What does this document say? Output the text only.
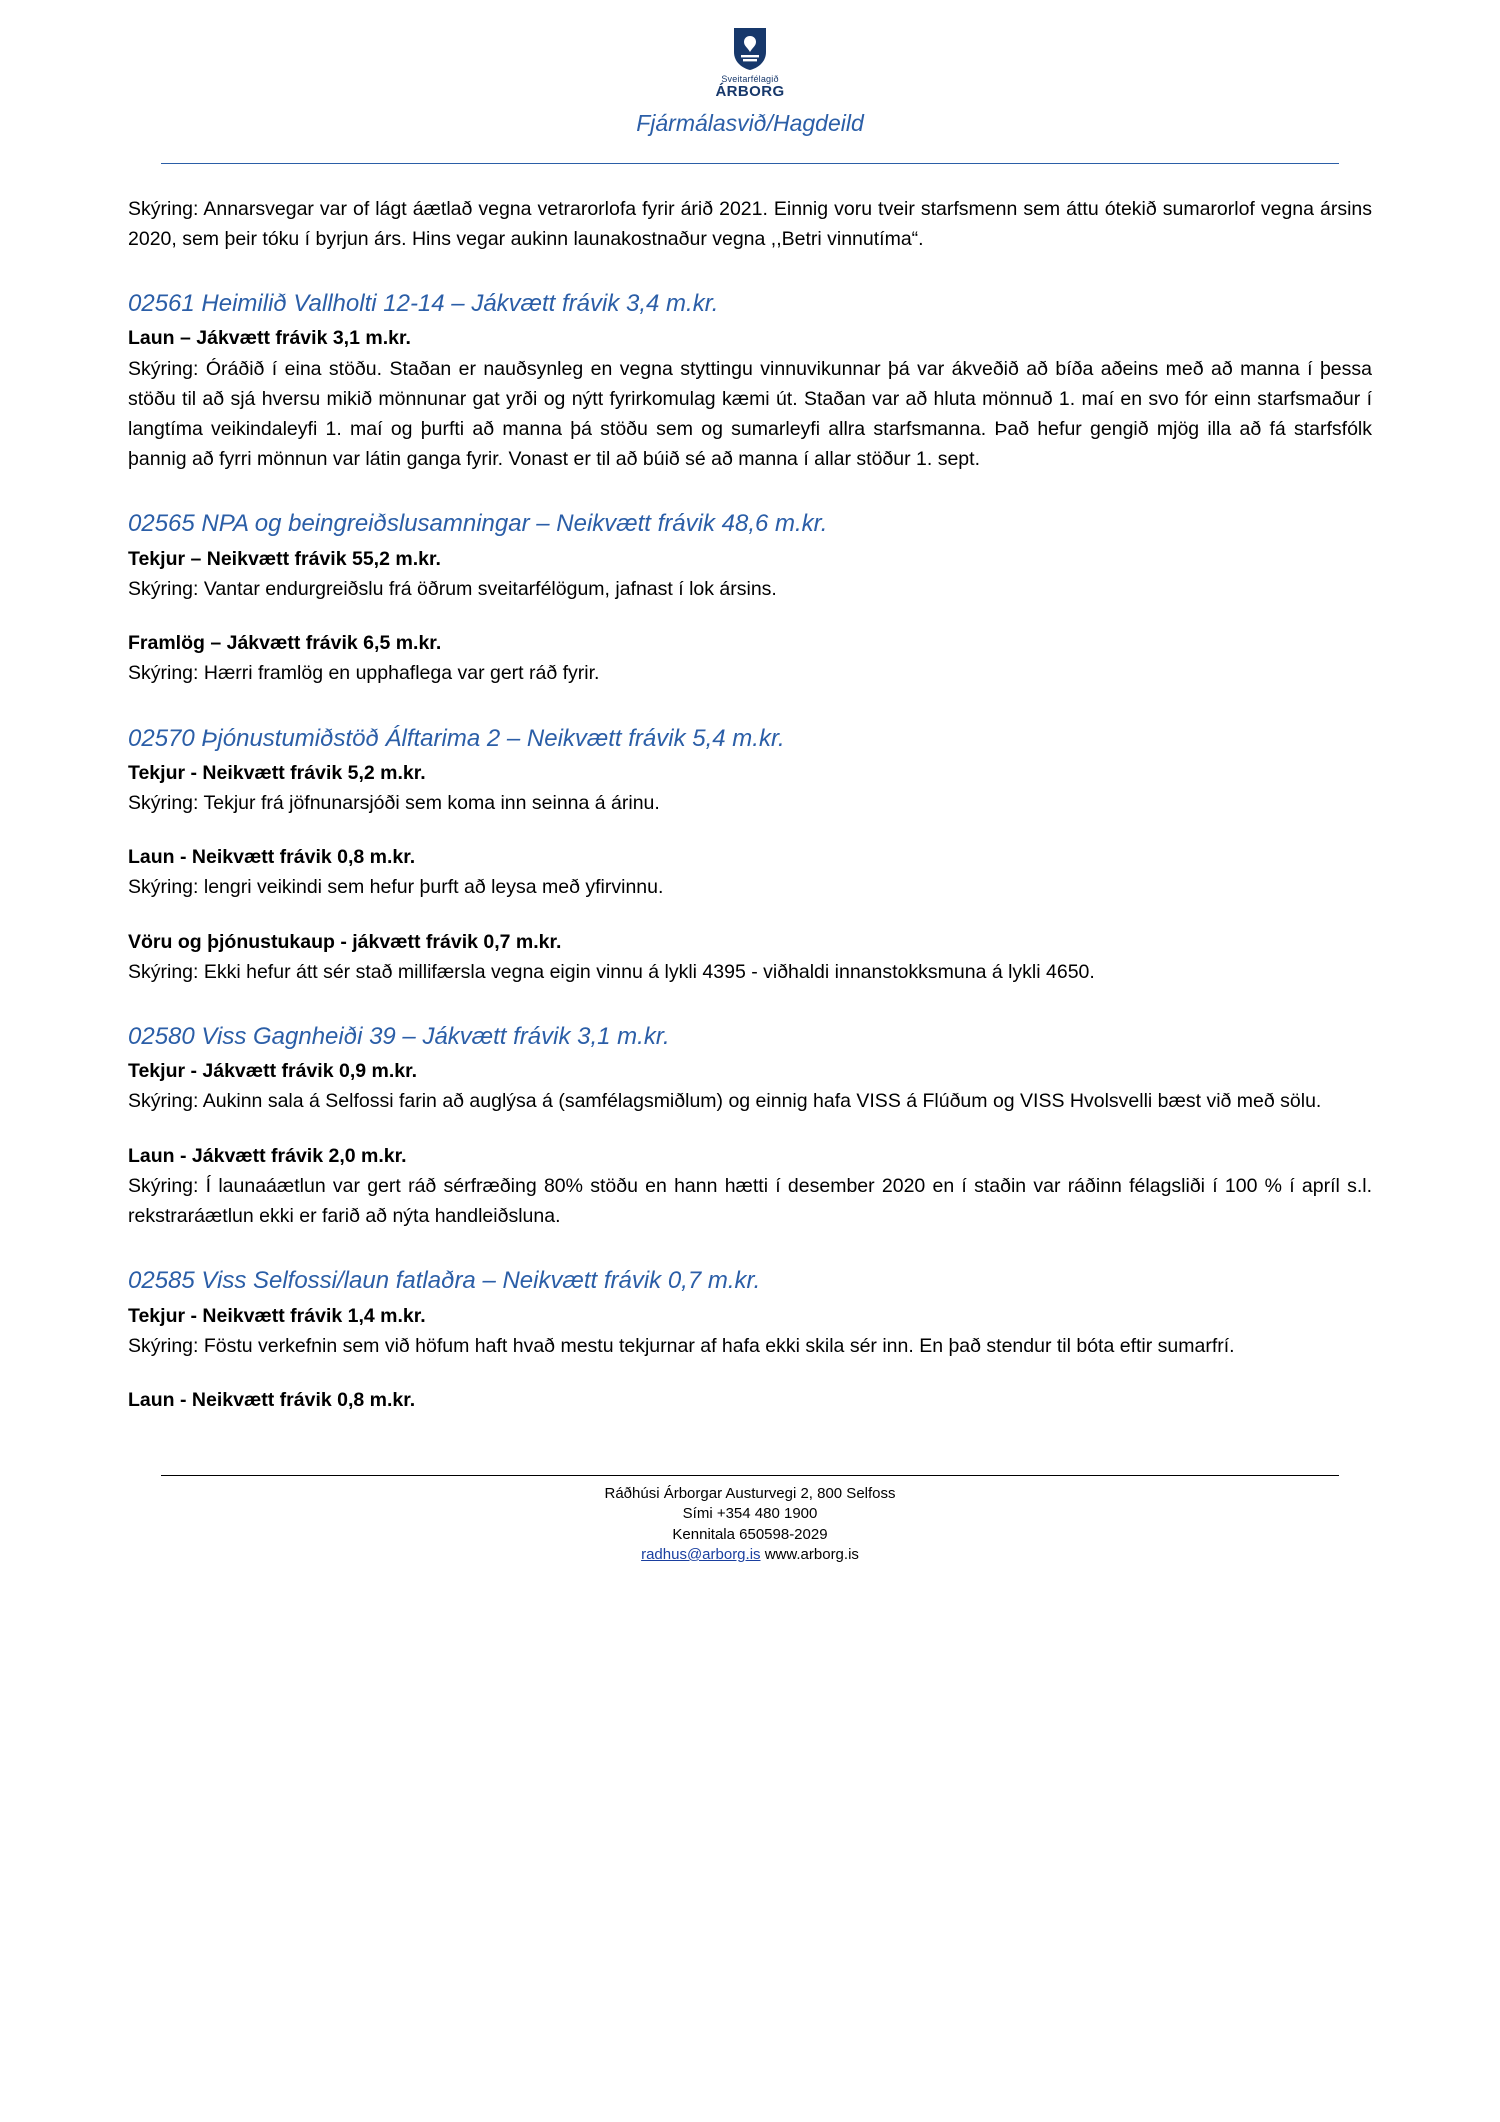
Sveitarfélagið
ÁRBORG
Fjármálasvið/Hagdeild

Skýring: Annarsvegar var of lágt áætlað vegna vetrarorlofa fyrir árið 2021. Einnig voru tveir starfsmenn sem áttu ótekið sumarorlof vegna ársins 2020, sem þeir tóku í byrjun árs. Hins vegar aukinn launakostnaður vegna ,,Betri vinnutíma“.

02561 Heimilið Vallholti 12-14 – Jákvætt frávik 3,4 m.kr.

Laun – Jákvætt frávik 3,1 m.kr.

Skýring: Óráðið í eina stöðu. Staðan er nauðsynleg en vegna styttingu vinnuvikunnar þá var ákveðið að bíða aðeins með að manna í þessa stöðu til að sjá hversu mikið mönnunar gat yrði og nýtt fyrirkomulag kæmi út. Staðan var að hluta mönnuð 1. maí en svo fór einn starfsmaður í langtíma veikindaleyfi 1. maí og þurfti að manna þá stöðu sem og sumarleyfi allra starfsmanna. Það hefur gengið mjög illa að fá starfsfólk þannig að fyrri mönnun var látin ganga fyrir. Vonast er til að búið sé að manna í allar stöður 1. sept.

02565 NPA og beingreiðslusamningar – Neikvætt frávik 48,6 m.kr.

Tekjur – Neikvætt frávik 55,2 m.kr.

Skýring: Vantar endurgreiðslu frá öðrum sveitarfélögum, jafnast í lok ársins.

Framlög – Jákvætt frávik 6,5 m.kr.

Skýring: Hærri framlög en upphaflega var gert ráð fyrir.

02570 Þjónustumiðstöð Álftarima 2 – Neikvætt frávik 5,4 m.kr.

Tekjur - Neikvætt frávik 5,2 m.kr.

Skýring: Tekjur frá jöfnunarsjóði sem koma inn seinna á árinu.

Laun - Neikvætt frávik 0,8 m.kr.

Skýring: lengri veikindi sem hefur þurft að leysa með yfirvinnu.

Vöru og þjónustukaup - jákvætt frávik 0,7 m.kr.

Skýring: Ekki hefur átt sér stað millifærsla vegna eigin vinnu á lykli 4395 - viðhaldi innanstokksmuna á lykli 4650.

02580 Viss Gagnheiði 39 – Jákvætt frávik 3,1 m.kr.

Tekjur - Jákvætt frávik 0,9 m.kr.

Skýring: Aukinn sala á Selfossi farin að auglýsa á (samfélagsmiðlum) og einnig hafa VISS á Flúðum og VISS Hvolsvelli bæst við með sölu.

Laun - Jákvætt frávik 2,0 m.kr.

Skýring: Í launaáætlun var gert ráð sérfræðing 80% stöðu en hann hætti í desember 2020 en í staðin var ráðinn félagsliði í 100 % í apríl s.l. rekstraráætlun ekki er farið að nýta handleiðsluna.

02585 Viss Selfossi/laun fatlaðra – Neikvætt frávik 0,7 m.kr.

Tekjur - Neikvætt frávik 1,4 m.kr.

Skýring: Föstu verkefnin sem við höfum haft hvað mestu tekjurnar af hafa ekki skila sér inn. En það stendur til bóta eftir sumarfrí.

Laun - Neikvætt frávik 0,8 m.kr.

Ráðhúsi Árborgar Austurvegi 2, 800 Selfoss
Sími +354 480 1900
Kennitala 650598-2029
radhus@arborg.is www.arborg.is
